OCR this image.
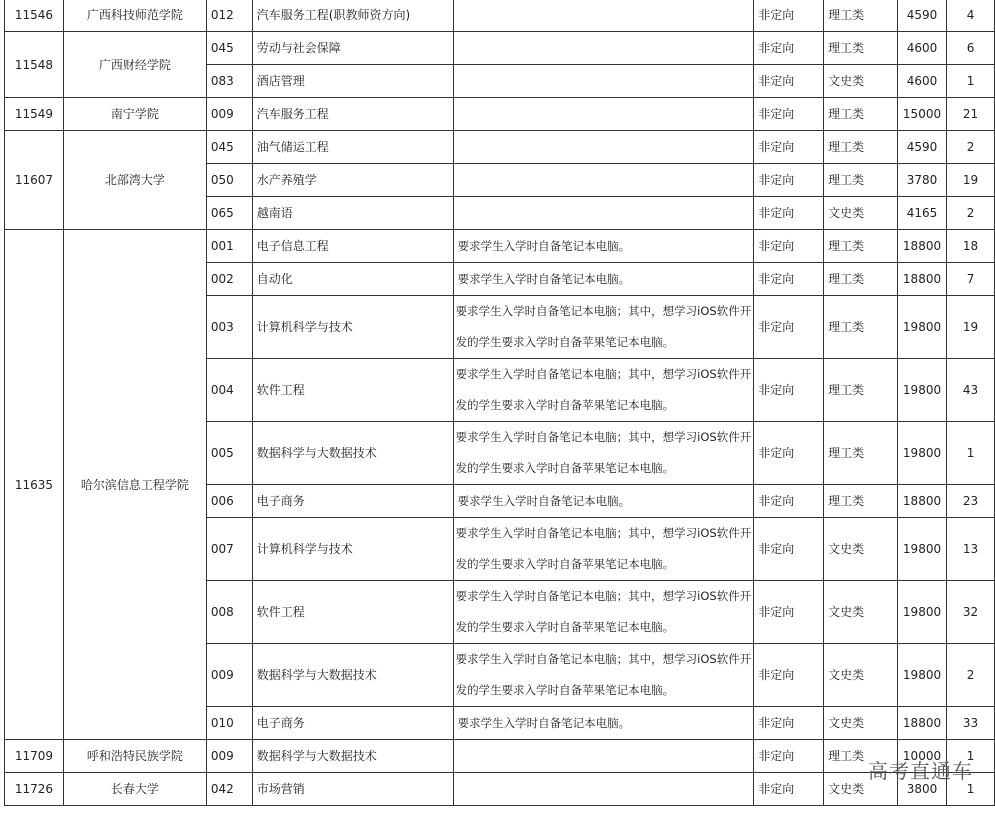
11546	广西科技师范学院	012	汽车服务工程(职教师资方向)		非定向	理工类	4590	4
11548	广西财经学院	045	劳动与社会保障		非定向	理工类	4600	6
		083	酒店管理		非定向	文史类	4600	1
11549	南宁学院	009	汽车服务工程		非定向	理工类	15000	21
11607	北部湾大学	045	油气储运工程		非定向	理工类	4590	2
		050	水产养殖学		非定向	理工类	3780	19
		065	越南语		非定向	文史类	4165	2
11635	哈尔滨信息工程学院	001	电子信息工程	要求学生入学时自备笔记本电脑。	非定向	理工类	18800	18
		002	自动化	要求学生入学时自备笔记本电脑。	非定向	理工类	18800	7
		003	计算机科学与技术	要求学生入学时自备笔记本电脑；其中，想学习iOS软件开发的学生要求入学时自备苹果笔记本电脑。	非定向	理工类	19800	19
		004	软件工程	要求学生入学时自备笔记本电脑；其中，想学习iOS软件开发的学生要求入学时自备苹果笔记本电脑。	非定向	理工类	19800	43
		005	数据科学与大数据技术	要求学生入学时自备笔记本电脑；其中，想学习iOS软件开发的学生要求入学时自备苹果笔记本电脑。	非定向	理工类	19800	1
		006	电子商务	要求学生入学时自备笔记本电脑。	非定向	理工类	18800	23
		007	计算机科学与技术	要求学生入学时自备笔记本电脑；其中，想学习iOS软件开发的学生要求入学时自备苹果笔记本电脑。	非定向	文史类	19800	13
		008	软件工程	要求学生入学时自备笔记本电脑；其中，想学习iOS软件开发的学生要求入学时自备苹果笔记本电脑。	非定向	文史类	19800	32
		009	数据科学与大数据技术	要求学生入学时自备笔记本电脑；其中，想学习iOS软件开发的学生要求入学时自备苹果笔记本电脑。	非定向	文史类	19800	2
		010	电子商务	要求学生入学时自备笔记本电脑。	非定向	文史类	18800	33
11709	呼和浩特民族学院	009	数据科学与大数据技术		非定向	理工类	10000	1
11726	长春大学	042	市场营销		非定向	文史类	3800	1
高考直通车
